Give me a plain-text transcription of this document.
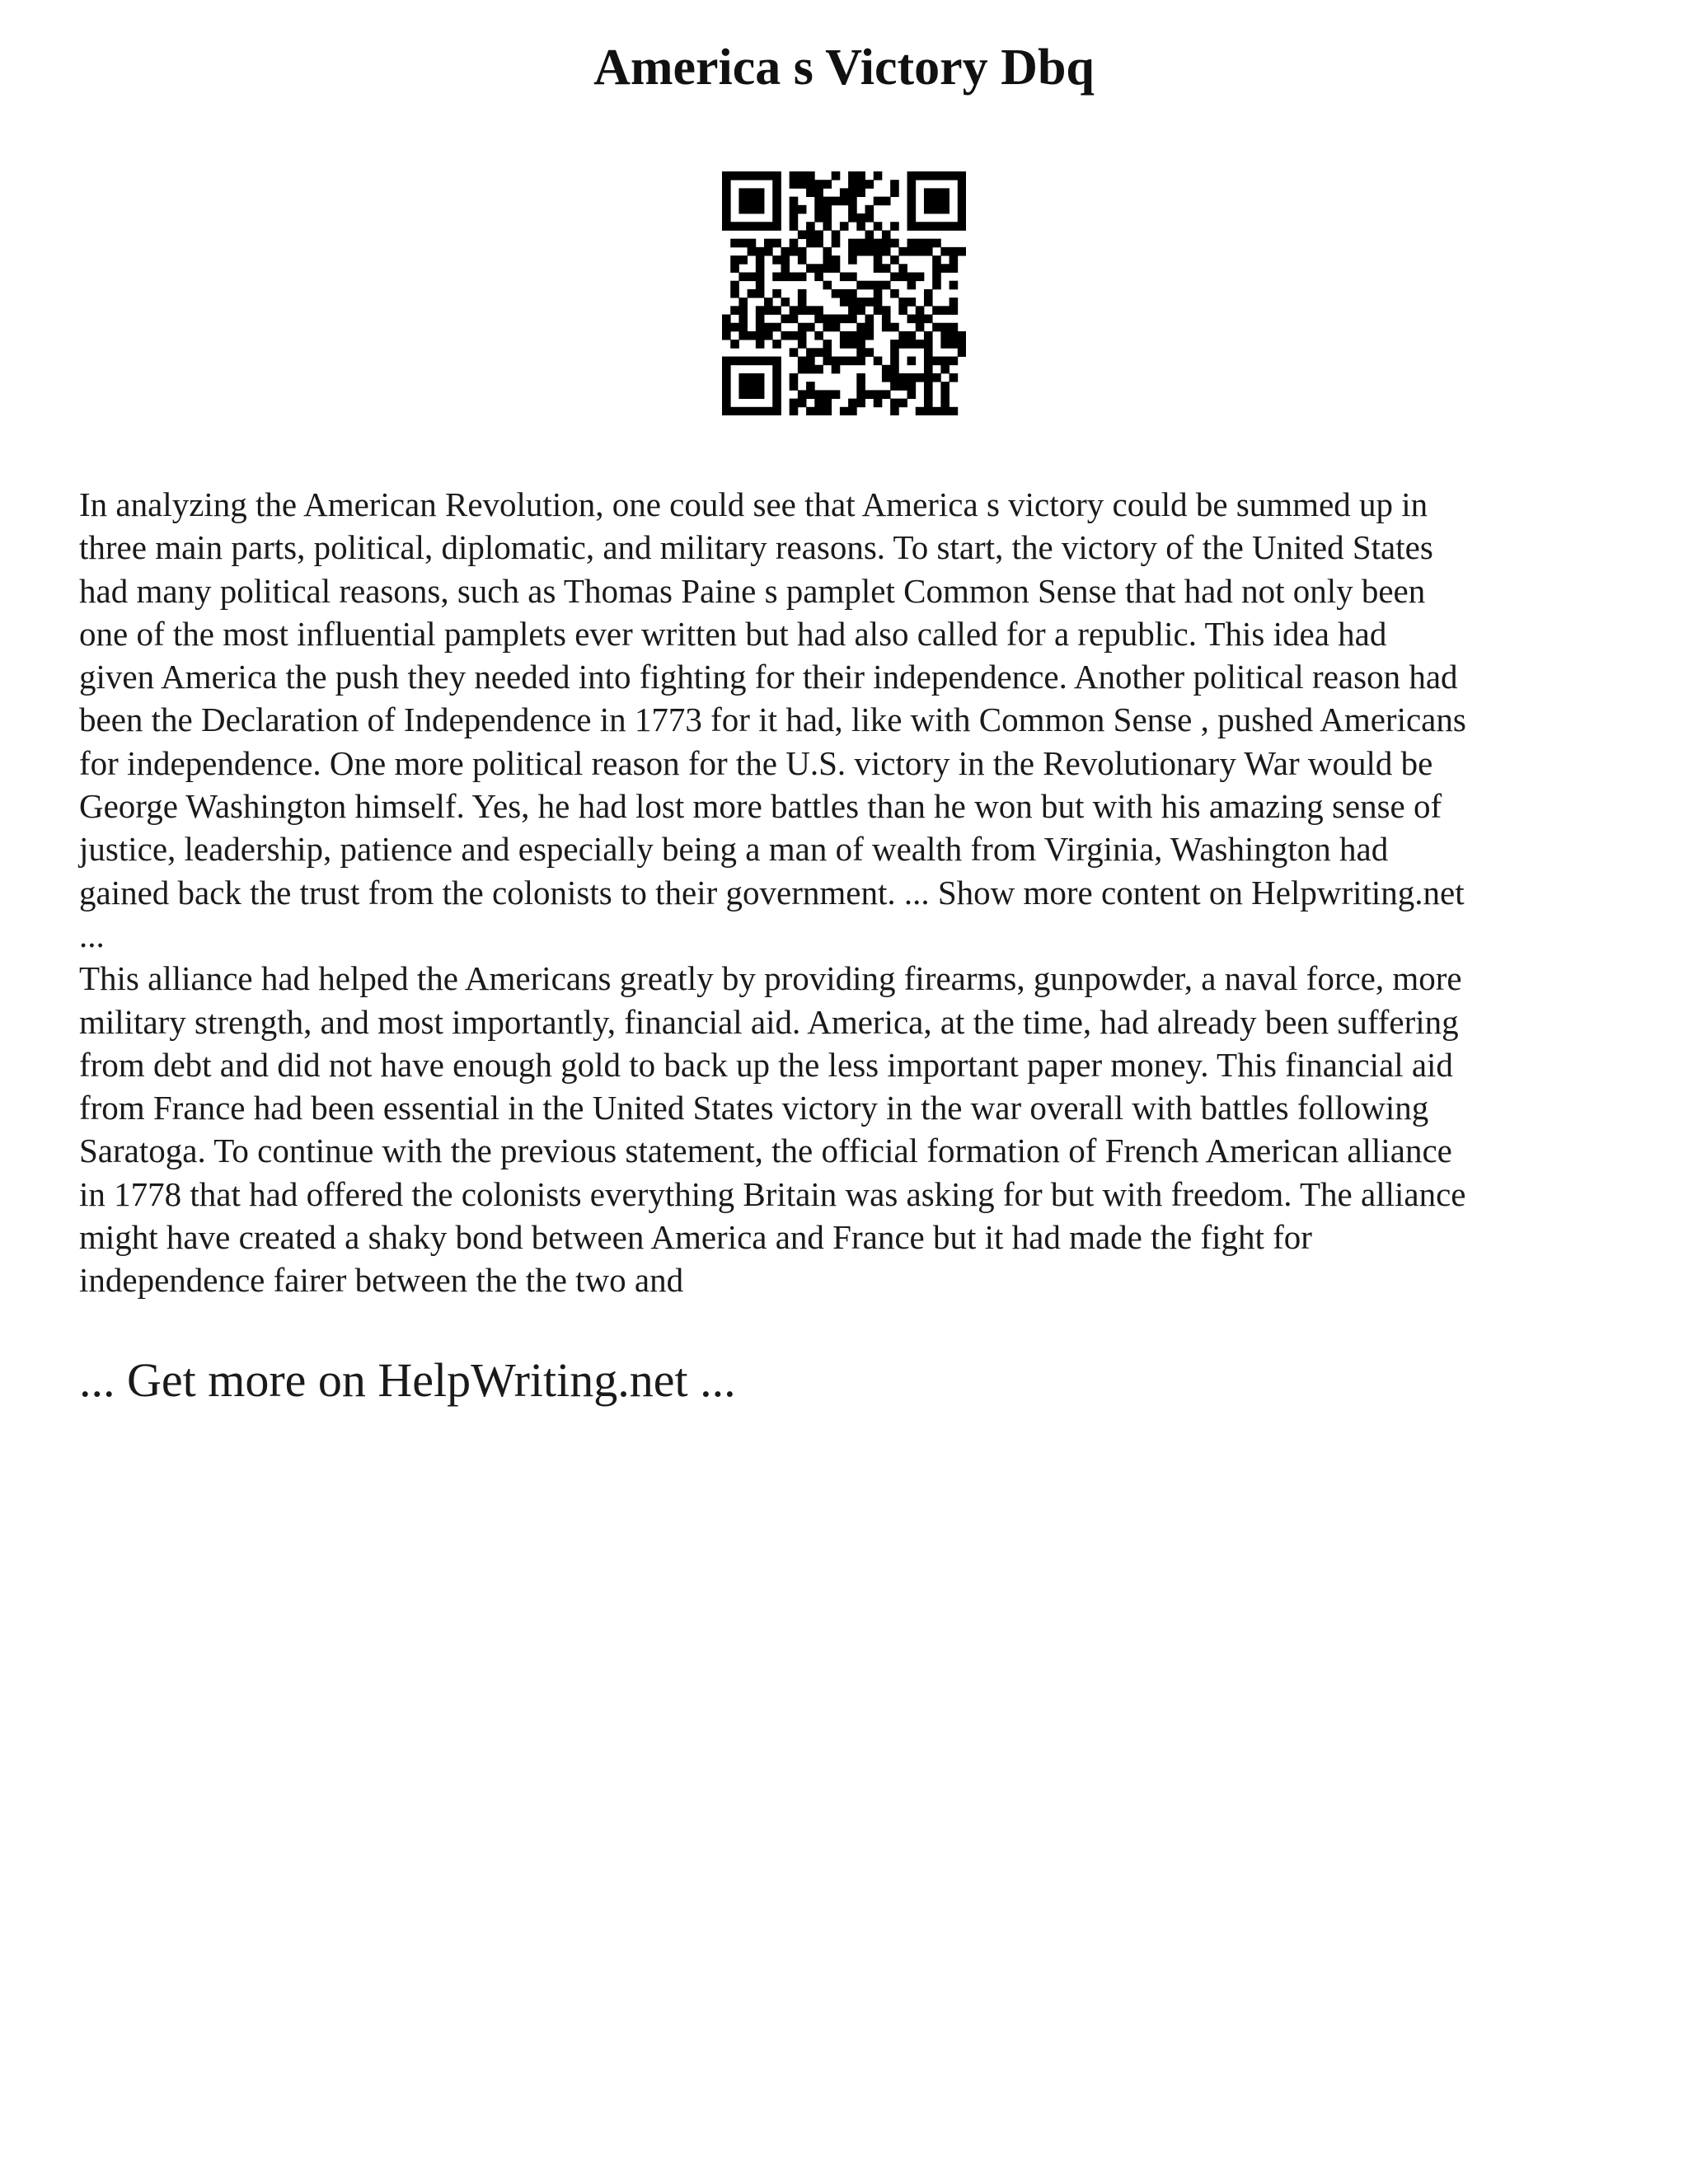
America s Victory Dbq

In analyzing the American Revolution, one could see that America s victory could be summed up in
three main parts, political, diplomatic, and military reasons. To start, the victory of the United States
had many political reasons, such as Thomas Paine s pamplet Common Sense that had not only been
one of the most influential pamplets ever written but had also called for a republic. This idea had
given America the push they needed into fighting for their independence. Another political reason had
been the Declaration of Independence in 1773 for it had, like with Common Sense , pushed Americans
for independence. One more political reason for the U.S. victory in the Revolutionary War would be
George Washington himself. Yes, he had lost more battles than he won but with his amazing sense of
justice, leadership, patience and especially being a man of wealth from Virginia, Washington had
gained back the trust from the colonists to their government. ... Show more content on Helpwriting.net
...

This alliance had helped the Americans greatly by providing firearms, gunpowder, a naval force, more
military strength, and most importantly, financial aid. America, at the time, had already been suffering
from debt and did not have enough gold to back up the less important paper money. This financial aid
from France had been essential in the United States victory in the war overall with battles following
Saratoga. To continue with the previous statement, the official formation of French American alliance
in 1778 that had offered the colonists everything Britain was asking for but with freedom. The alliance
might have created a shaky bond between America and France but it had made the fight for
independence fairer between the the two and

... Get more on HelpWriting.net ...
